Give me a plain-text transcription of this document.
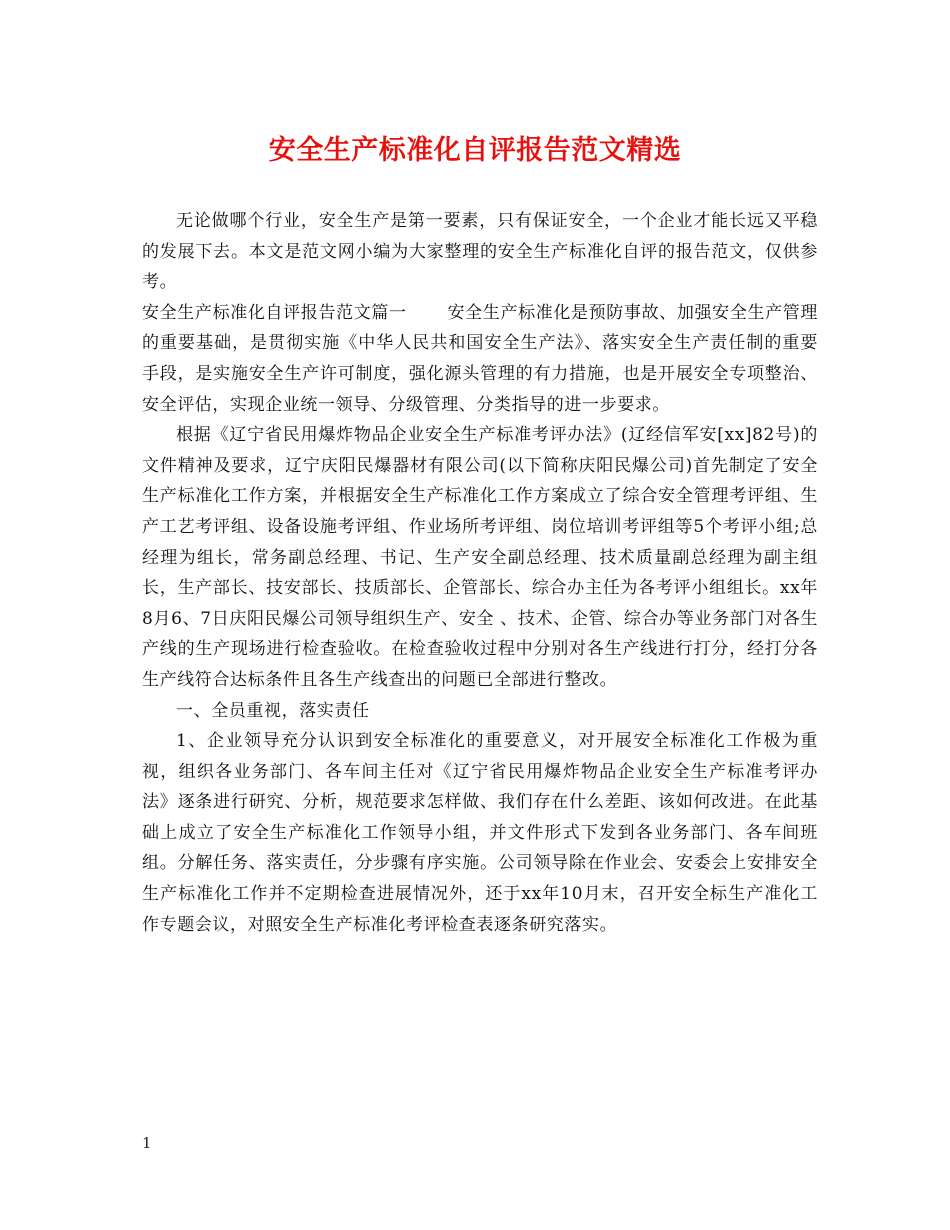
安全生产标准化自评报告范文精选

无论做哪个行业，安全生产是第一要素，只有保证安全，一个企业才能长远又平稳的发展下去。本文是范文网小编为大家整理的安全生产标准化自评的报告范文，仅供参考。

安全生产标准化自评报告范文篇一 安全生产标准化是预防事故、加强安全生产管理的重要基础，是贯彻实施《中华人民共和国安全生产法》、落实安全生产责任制的重要手段，是实施安全生产许可制度，强化源头管理的有力措施，也是开展安全专项整治、安全评估，实现企业统一领导、分级管理、分类指导的进一步要求。

根据《辽宁省民用爆炸物品企业安全生产标准考评办法》(辽经信军安[xx]82号)的文件精神及要求，辽宁庆阳民爆器材有限公司(以下简称庆阳民爆公司)首先制定了安全生产标准化工作方案，并根据安全生产标准化工作方案成立了综合安全管理考评组、生产工艺考评组、设备设施考评组、作业场所考评组、岗位培训考评组等5个考评小组;总经理为组长，常务副总经理、书记、生产安全副总经理、技术质量副总经理为副主组长，生产部长、技安部长、技质部长、企管部长、综合办主任为各考评小组组长。xx年8月6、7日庆阳民爆公司领导组织生产、安全 、技术、企管、综合办等业务部门对各生产线的生产现场进行检查验收。在检查验收过程中分别对各生产线进行打分，经打分各生产线符合达标条件且各生产线查出的问题已全部进行整改。

一、全员重视，落实责任

1、企业领导充分认识到安全标准化的重要意义，对开展安全标准化工作极为重视，组织各业务部门、各车间主任对《辽宁省民用爆炸物品企业安全生产标准考评办法》逐条进行研究、分析，规范要求怎样做、我们存在什么差距、该如何改进。在此基础上成立了安全生产标准化工作领导小组，并文件形式下发到各业务部门、各车间班组。分解任务、落实责任，分步骤有序实施。公司领导除在作业会、安委会上安排安全生产标准化工作并不定期检查进展情况外，还于xx年10月末，召开安全标生产准化工作专题会议，对照安全生产标准化考评检查表逐条研究落实。

1
